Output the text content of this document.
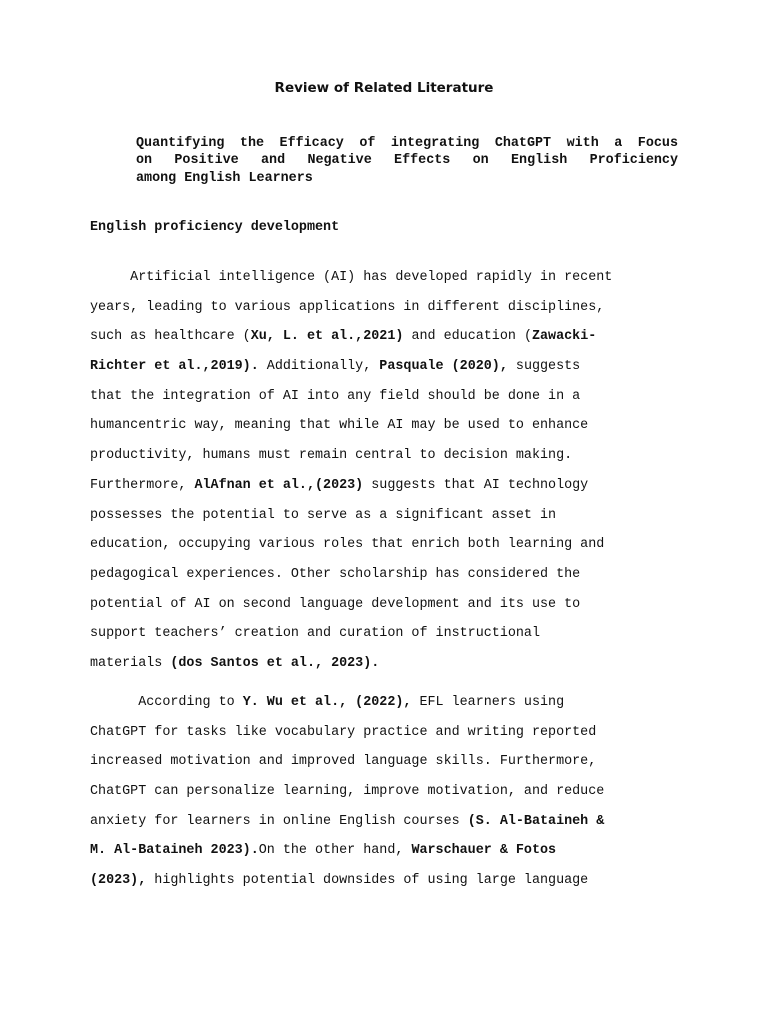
Review of Related Literature

Quantifying the Efficacy of integrating ChatGPT with a Focus
on Positive and Negative Effects on English Proficiency
among English Learners

English proficiency development
Artificial intelligence (AI) has developed rapidly in recent
years, leading to various applications in different disciplines,
such as healthcare (Xu, L. et al.,2021) and education (Zawacki-
Richter et al.,2019). Additionally, Pasquale (2020), suggests
that the integration of AI into any field should be done in a
humancentric way, meaning that while AI may be used to enhance
productivity, humans must remain central to decision making.
Furthermore, AlAfnan et al.,(2023) suggests that AI technology
possesses the potential to serve as a significant asset in
education, occupying various roles that enrich both learning and
pedagogical experiences. Other scholarship has considered the
potential of AI on second language development and its use to
support teachers’ creation and curation of instructional
materials (dos Santos et al., 2023).
According to Y. Wu et al., (2022), EFL learners using
ChatGPT for tasks like vocabulary practice and writing reported
increased motivation and improved language skills. Furthermore,
ChatGPT can personalize learning, improve motivation, and reduce
anxiety for learners in online English courses (S. Al-Bataineh &
M. Al-Bataineh 2023).On the other hand, Warschauer & Fotos
(2023), highlights potential downsides of using large language
